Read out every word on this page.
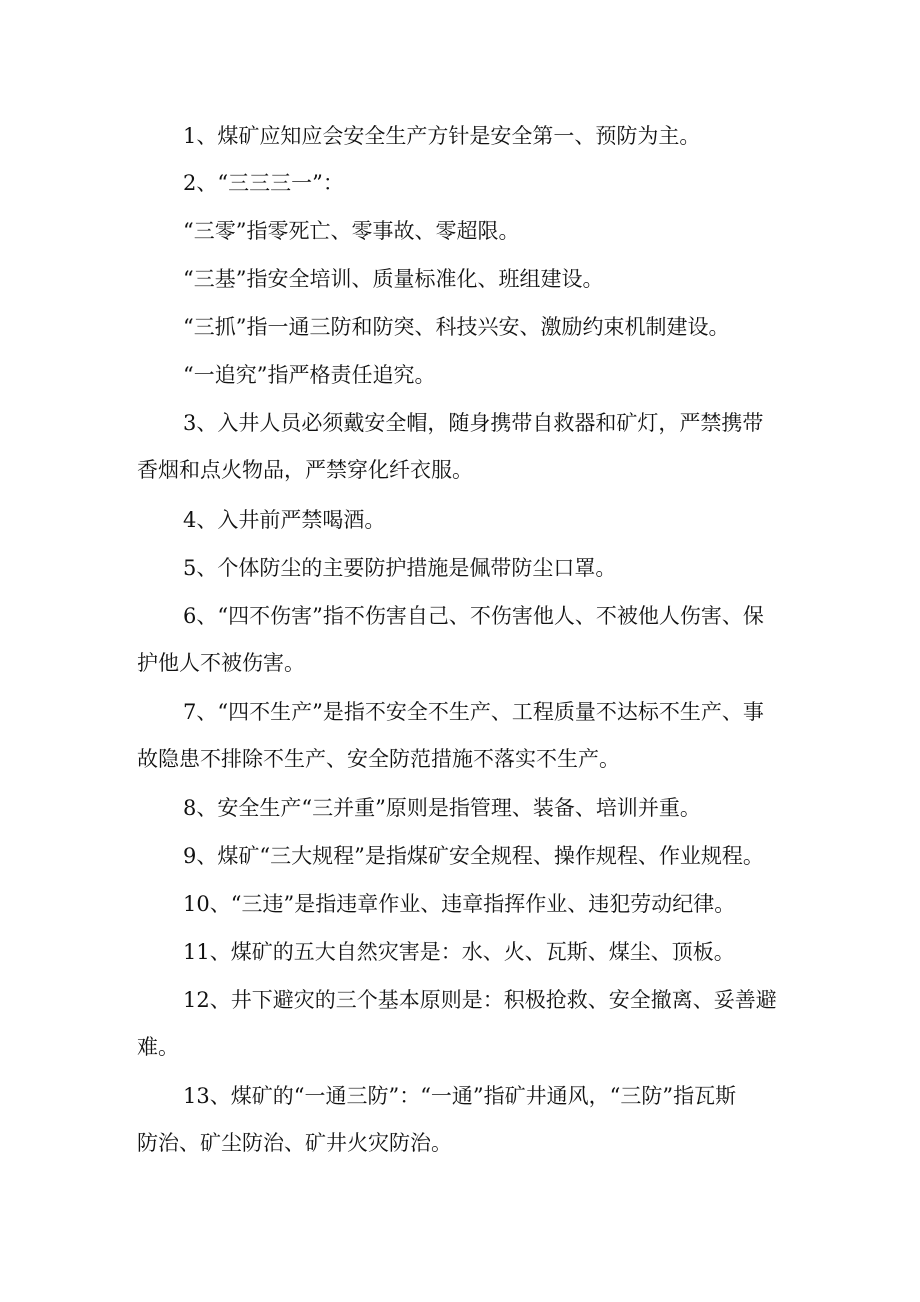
1、煤矿应知应会安全生产方针是安全第一、预防为主。

2、“三三三一”：

“三零”指零死亡、零事故、零超限。

“三基”指安全培训、质量标准化、班组建设。

“三抓”指一通三防和防突、科技兴安、激励约束机制建设。

“一追究”指严格责任追究。

3、入井人员必须戴安全帽，随身携带自救器和矿灯，严禁携带
香烟和点火物品，严禁穿化纤衣服。

4、入井前严禁喝酒。

5、个体防尘的主要防护措施是佩带防尘口罩。

6、“四不伤害”指不伤害自己、不伤害他人、不被他人伤害、保
护他人不被伤害。

7、“四不生产”是指不安全不生产、工程质量不达标不生产、事
故隐患不排除不生产、安全防范措施不落实不生产。

8、安全生产“三并重”原则是指管理、装备、培训并重。

9、煤矿“三大规程”是指煤矿安全规程、操作规程、作业规程。

10、“三违”是指违章作业、违章指挥作业、违犯劳动纪律。

11、煤矿的五大自然灾害是：水、火、瓦斯、煤尘、顶板。

12、井下避灾的三个基本原则是：积极抢救、安全撤离、妥善避
难。

13、煤矿的“一通三防”：“一通”指矿井通风，“三防”指瓦斯
防治、矿尘防治、矿井火灾防治。
